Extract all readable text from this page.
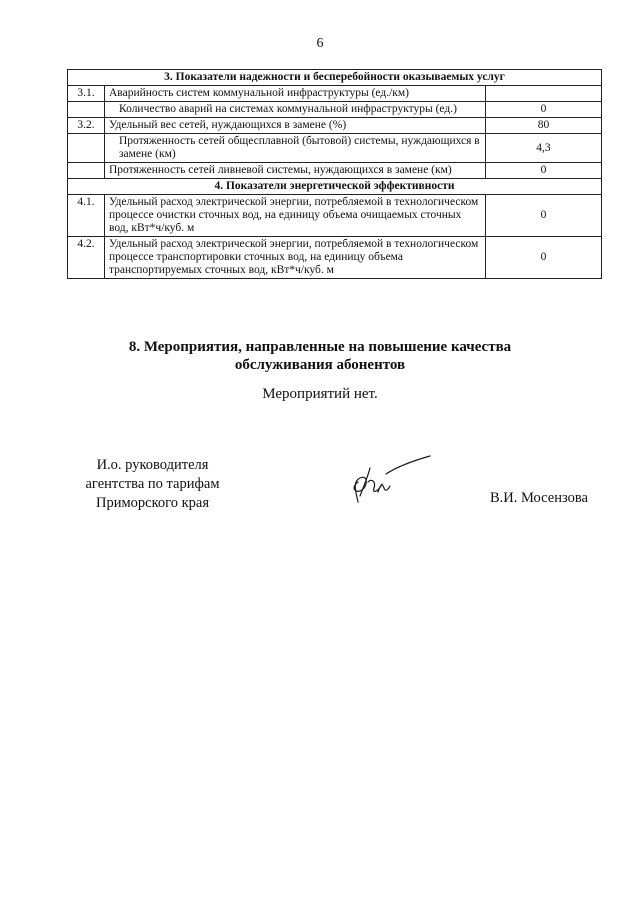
6
3. Показатели надежности и бесперебойности оказываемых услуг		
3.1.	Аварийность систем коммунальной инфраструктуры (ед./км)	
	Количество аварий на системах коммунальной инфраструктуры (ед.)	0
3.2.	Удельный вес сетей, нуждающихся в замене (%)	80
	Протяженность сетей общесплавной (бытовой) системы, нуждающихся в замене (км)	4,3
	Протяженность сетей ливневой системы, нуждающихся в замене (км)	0
4. Показатели энергетической эффективности		
4.1.	Удельный расход электрической энергии, потребляемой в технологическом процессе очистки сточных вод, на единицу объема очищаемых сточных вод, кВт*ч/куб. м	0
4.2.	Удельный расход электрической энергии, потребляемой в технологическом процессе транспортировки сточных вод, на единицу объема транспортируемых сточных вод, кВт*ч/куб. м	0
8. Мероприятия, направленные на повышение качества
обслуживания абонентов
Мероприятий нет.
И.о. руководителя
агентства по тарифам
Приморского края	В.И. Мосензова
